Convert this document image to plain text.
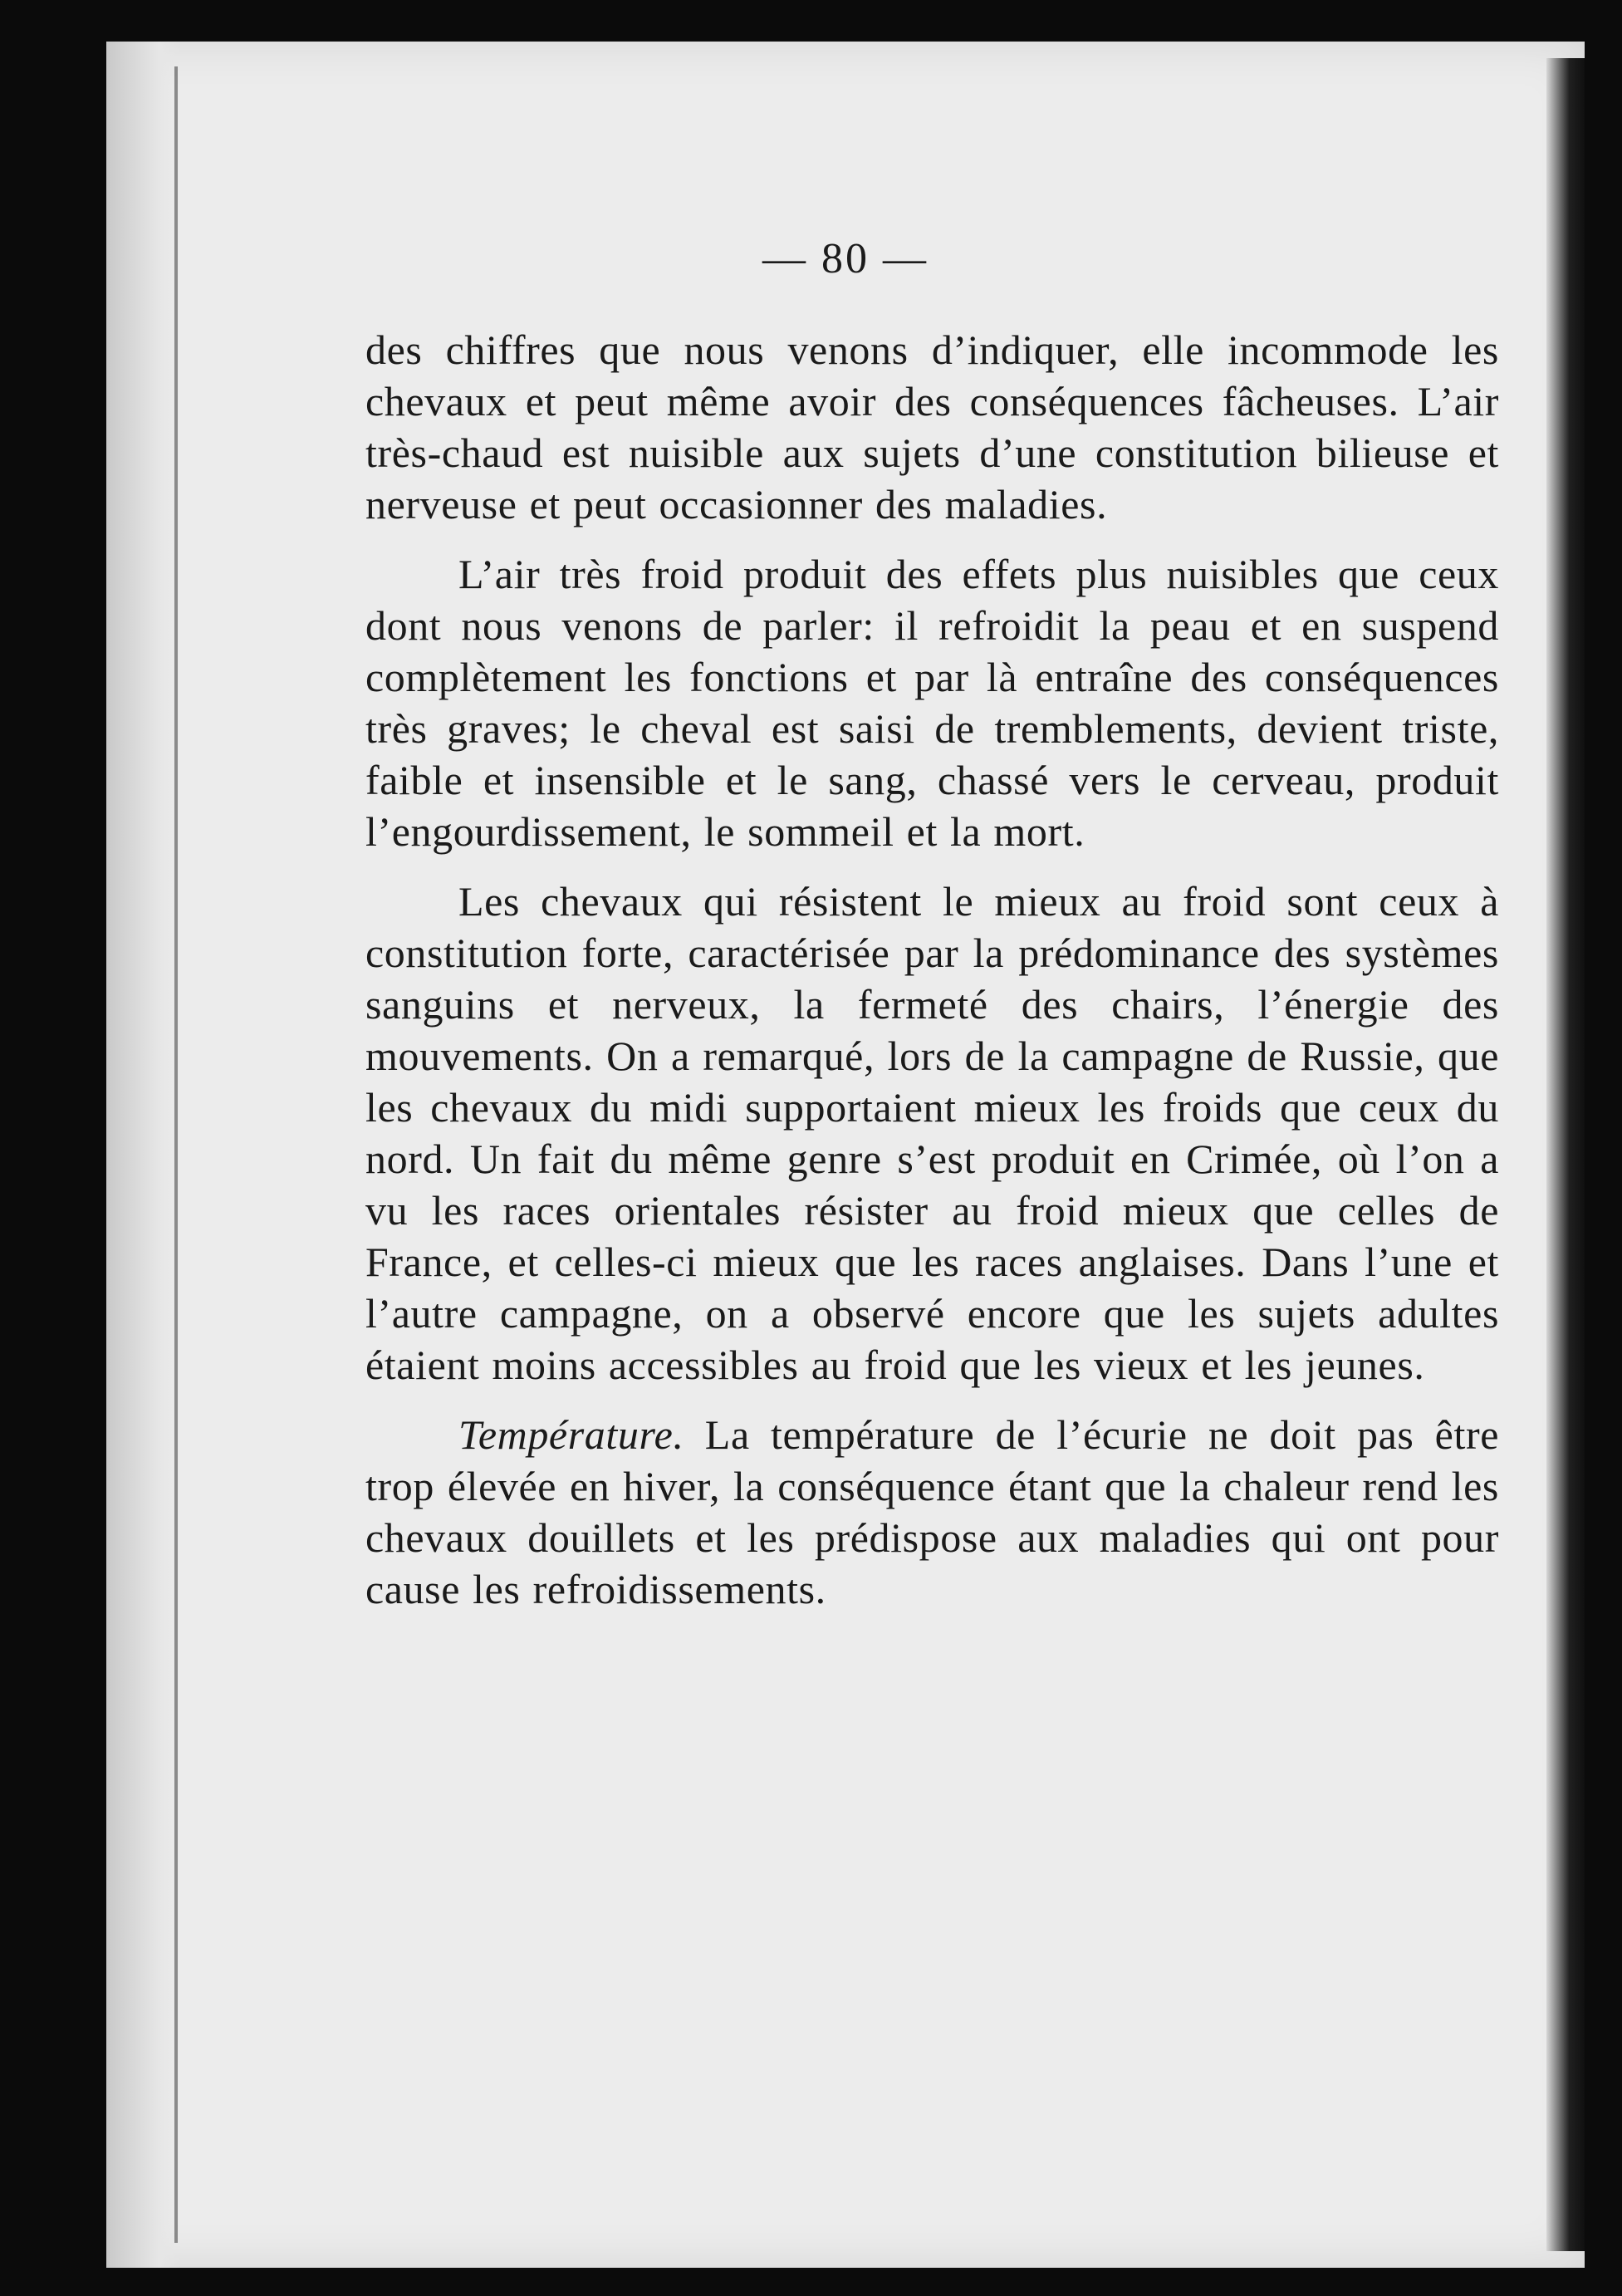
— 80 —

des chiffres que nous venons d’indiquer, elle incommode les chevaux et peut même avoir des conséquences fâcheuses. L’air très-chaud est nuisible aux sujets d’une constitution bilieuse et nerveuse et peut occasionner des maladies.

L’air très froid produit des effets plus nuisibles que ceux dont nous venons de parler: il refroidit la peau et en suspend complètement les fonctions et par là entraîne des conséquences très graves; le cheval est saisi de tremblements, devient triste, faible et insensible et le sang, chassé vers le cerveau, produit l’engourdissement, le sommeil et la mort.

Les chevaux qui résistent le mieux au froid sont ceux à constitution forte, caractérisée par la prédominance des systèmes sanguins et nerveux, la fermeté des chairs, l’énergie des mouvements. On a remarqué, lors de la campagne de Russie, que les chevaux du midi supportaient mieux les froids que ceux du nord. Un fait du même genre s’est produit en Crimée, où l’on a vu les races orientales résister au froid mieux que celles de France, et celles-ci mieux que les races anglaises. Dans l’une et l’autre campagne, on a observé encore que les sujets adultes étaient moins accessibles au froid que les vieux et les jeunes.

Température. La température de l’écurie ne doit pas être trop élevée en hiver, la conséquence étant que la chaleur rend les chevaux douillets et les prédispose aux maladies qui ont pour cause les refroidissements.
